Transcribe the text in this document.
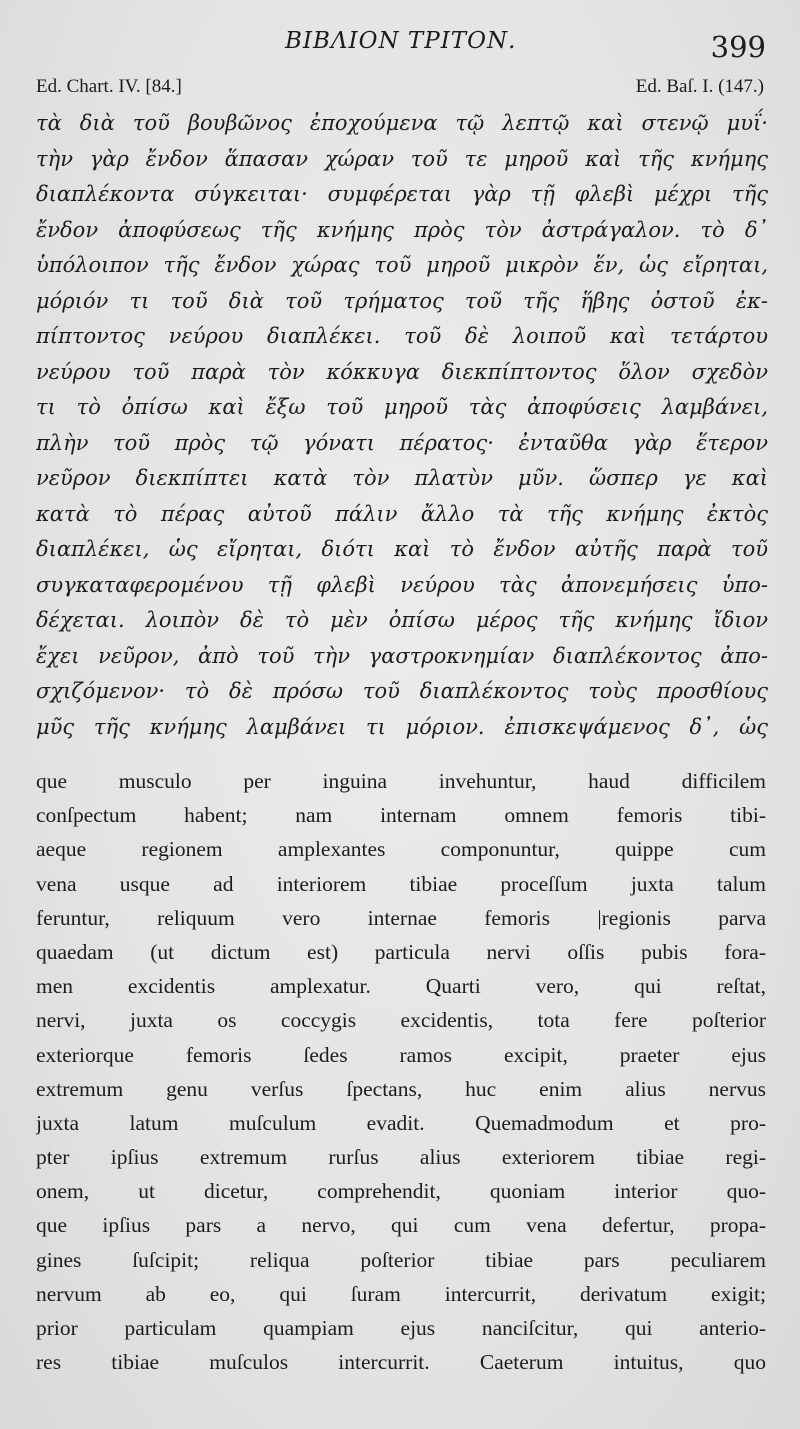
BIBΛΙΟΝ ΤΡΙΤΟΝ.	399
Ed. Chart. IV. [84.]	Ed. Baſ. I. (147.)
τὰ διὰ τοῦ βουβῶνος ἐποχούμενα τῷ λεπτῷ καὶ στενῷ μυΐ·
τὴν γὰρ ἔνδον ἅπασαν χώραν τοῦ τε μηροῦ καὶ τῆς κνήμης
διαπλέκοντα σύγκειται· συμφέρεται γὰρ τῇ φλεβὶ μέχρι τῆς
ἔνδον ἀποφύσεως τῆς κνήμης πρὸς τὸν ἀστράγαλον. τὸ δ᾽
ὑπόλοιπον τῆς ἔνδον χώρας τοῦ μηροῦ μικρὸν ἕν, ὡς εἴρηται,
μόριόν τι τοῦ διὰ τοῦ τρήματος τοῦ τῆς ἥβης ὀστοῦ ἐκ-
πίπτοντος νεύρου διαπλέκει. τοῦ δὲ λοιποῦ καὶ τετάρτου
νεύρου τοῦ παρὰ τὸν κόκκυγα διεκπίπτοντος ὅλον σχεδὸν
τι τὸ ὀπίσω καὶ ἔξω τοῦ μηροῦ τὰς ἀποφύσεις λαμβάνει,
πλὴν τοῦ πρὸς τῷ γόνατι πέρατος· ἐνταῦθα γὰρ ἕτερον
νεῦρον διεκπίπτει κατὰ τὸν πλατὺν μῦν. ὥσπερ γε καὶ
κατὰ τὸ πέρας αὐτοῦ πάλιν ἄλλο τὰ τῆς κνήμης ἐκτὸς
διαπλέκει, ὡς εἴρηται, διότι καὶ τὸ ἔνδον αὐτῆς παρὰ τοῦ
συγκαταφερομένου τῇ φλεβὶ νεύρου τὰς ἀπονεμήσεις ὑπο-
δέχεται. λοιπὸν δὲ τὸ μὲν ὀπίσω μέρος τῆς κνήμης ἴδιον
ἔχει νεῦρον, ἀπὸ τοῦ τὴν γαστροκνημίαν διαπλέκοντος ἀπο-
σχιζόμενον· τὸ δὲ πρόσω τοῦ διαπλέκοντος τοὺς προσθίους
μῦς τῆς κνήμης λαμβάνει τι μόριον. ἐπισκεψάμενος δ᾽, ὡς
que musculo per inguina invehuntur, haud difficilem
conſpectum habent; nam internam omnem femoris tibi-
aeque regionem amplexantes componuntur, quippe cum
vena usque ad interiorem tibiae proceſſum juxta talum
feruntur, reliquum vero internae femoris |regionis parva
quaedam (ut dictum est) particula nervi oſſis pubis fora-
men excidentis amplexatur. Quarti vero, qui reſtat,
nervi, juxta os coccygis excidentis, tota fere poſterior
exteriorque femoris ſedes ramos excipit, praeter ejus
extremum genu verſus ſpectans, huc enim alius nervus
juxta latum muſculum evadit. Quemadmodum et pro-
pter ipſius extremum rurſus alius exteriorem tibiae regi-
onem, ut dicetur, comprehendit, quoniam interior quo-
que ipſius pars a nervo, qui cum vena defertur, propa-
gines ſuſcipit; reliqua poſterior tibiae pars peculiarem
nervum ab eo, qui ſuram intercurrit, derivatum exigit;
prior particulam quampiam ejus nanciſcitur, qui anterio-
res tibiae muſculos intercurrit. Caeterum intuitus, quo
